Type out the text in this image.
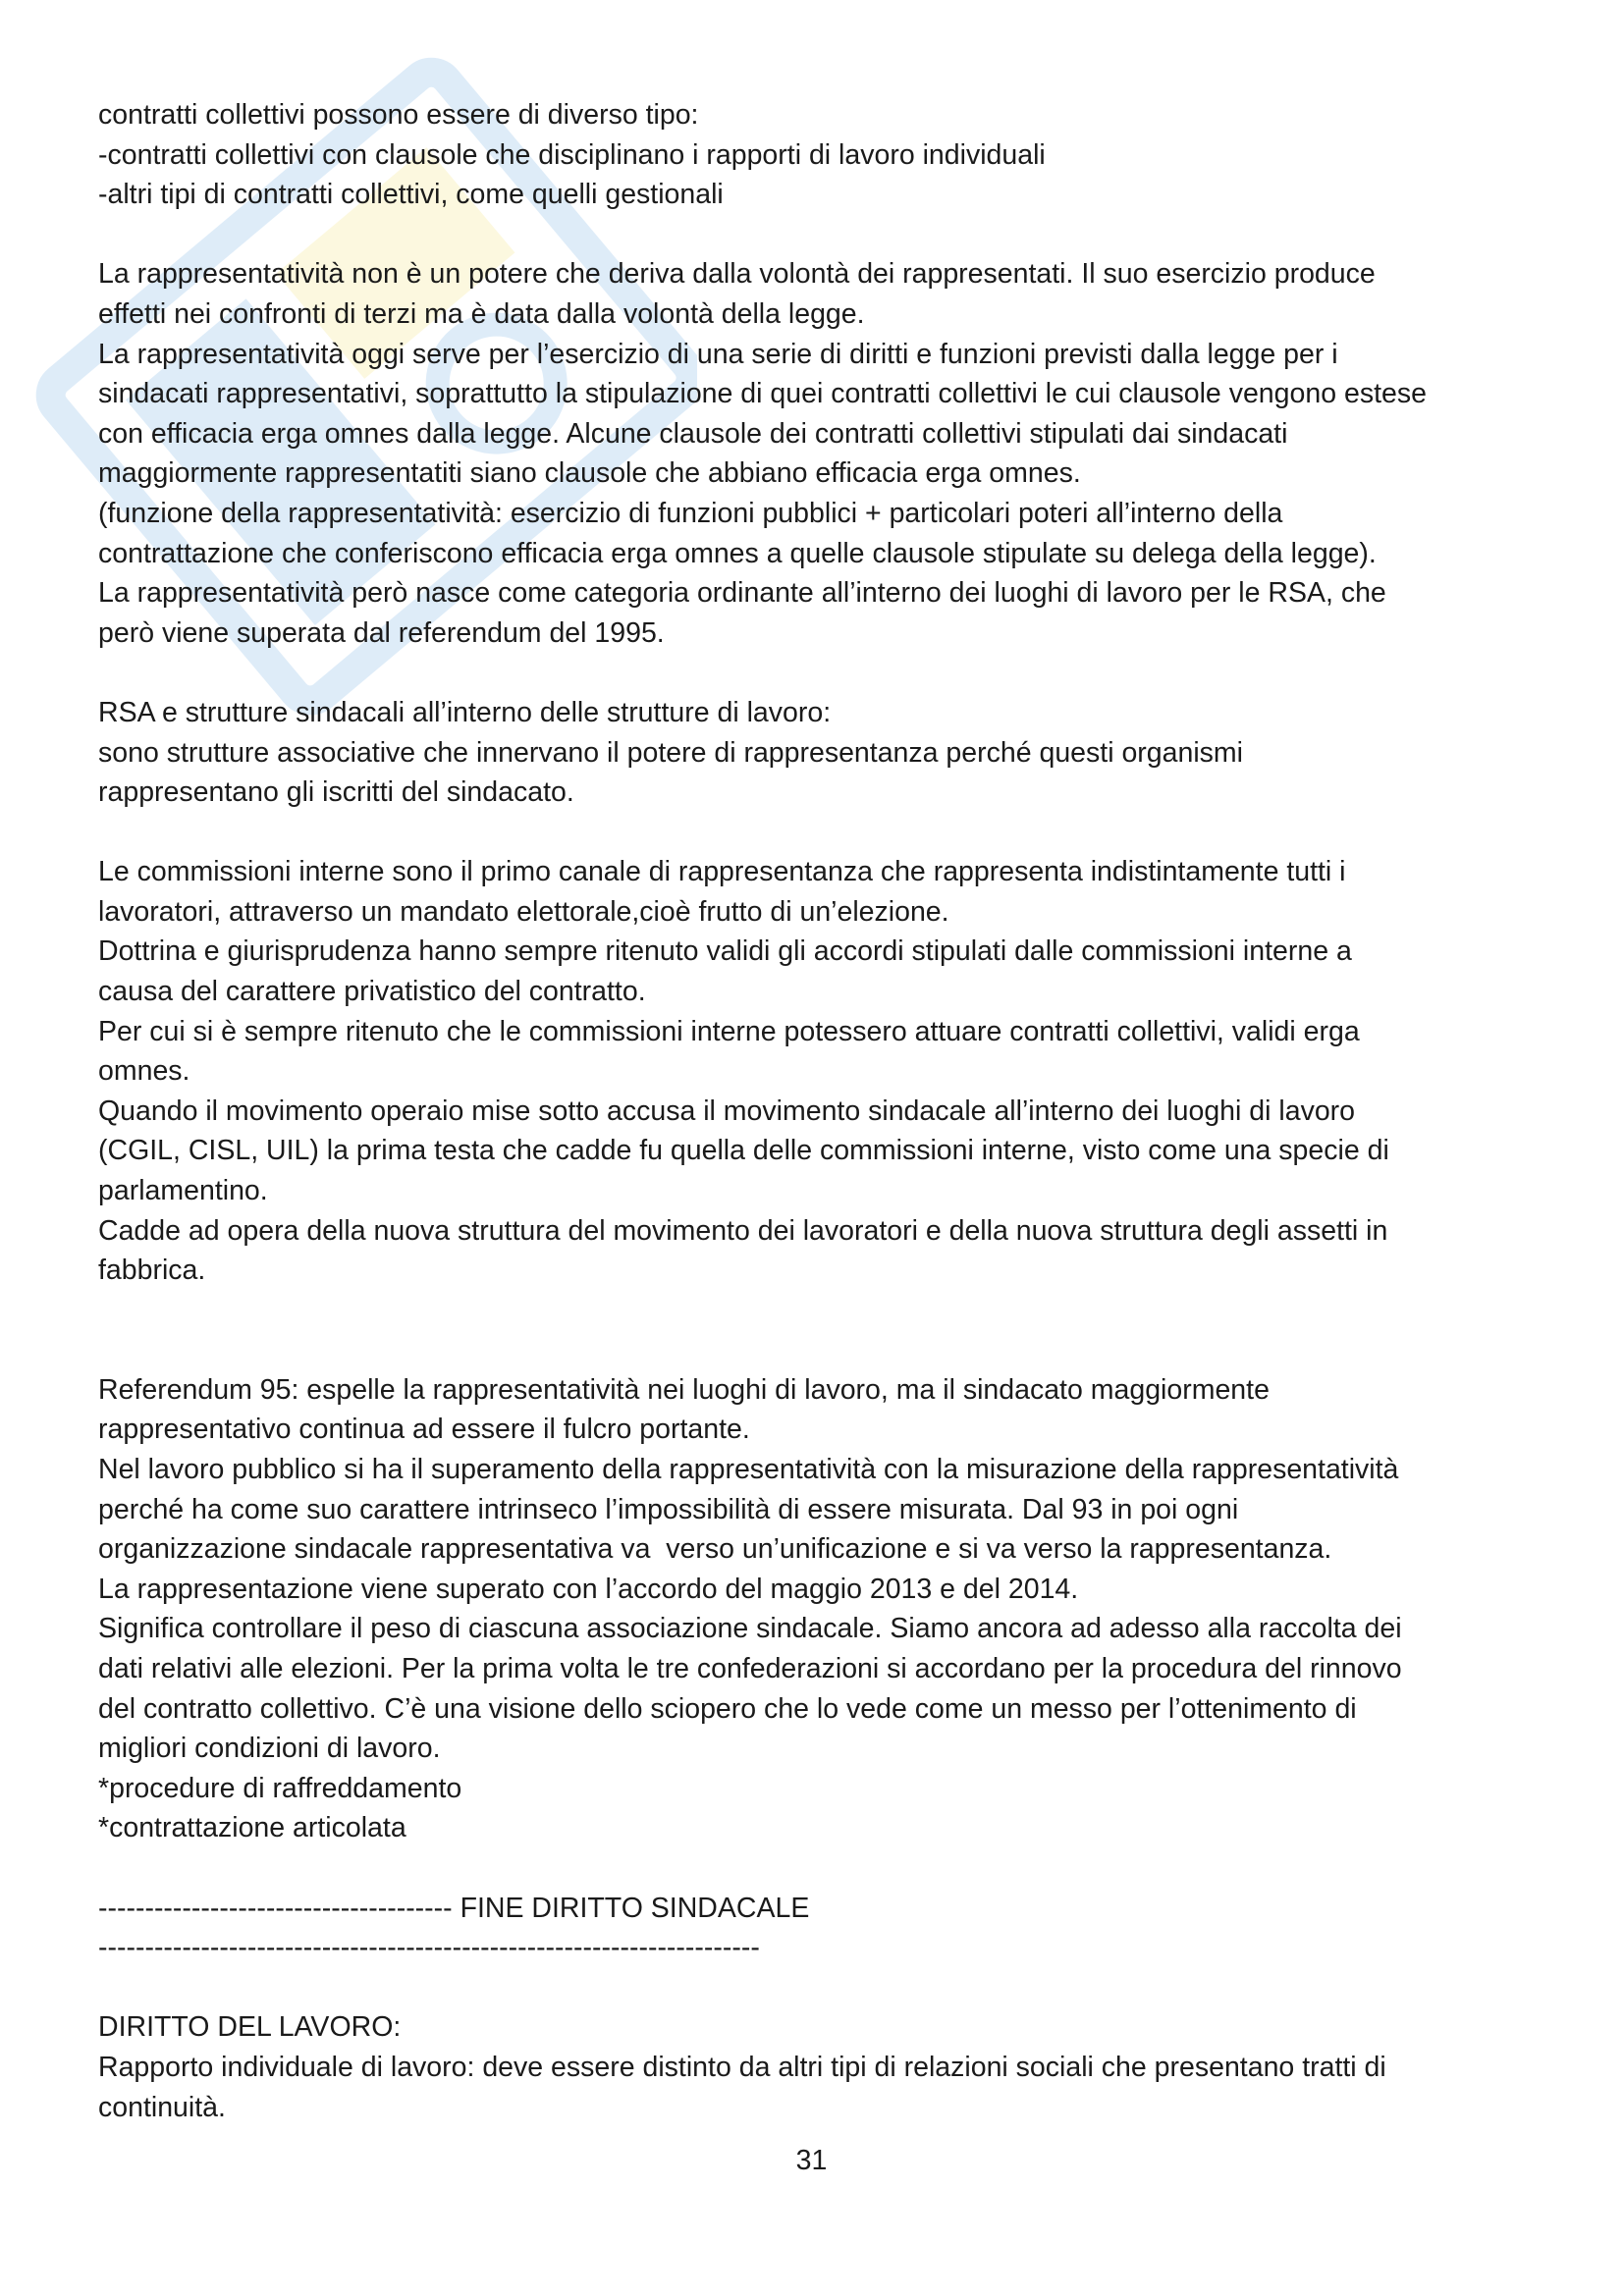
contratti collettivi possono essere di diverso tipo:
-contratti collettivi con clausole che disciplinano i rapporti di lavoro individuali
-altri tipi di contratti collettivi, come quelli gestionali

La rappresentatività non è un potere che deriva dalla volontà dei rappresentati. Il suo esercizio produce
effetti nei confronti di terzi ma è data dalla volontà della legge.
La rappresentatività oggi serve per l’esercizio di una serie di diritti e funzioni previsti dalla legge per i
sindacati rappresentativi, soprattutto la stipulazione di quei contratti collettivi le cui clausole vengono estese
con efficacia erga omnes dalla legge. Alcune clausole dei contratti collettivi stipulati dai sindacati
maggiormente rappresentatiti siano clausole che abbiano efficacia erga omnes.
(funzione della rappresentatività: esercizio di funzioni pubblici + particolari poteri all’interno della
contrattazione che conferiscono efficacia erga omnes a quelle clausole stipulate su delega della legge).
La rappresentatività però nasce come categoria ordinante all’interno dei luoghi di lavoro per le RSA, che
però viene superata dal referendum del 1995.

RSA e strutture sindacali all’interno delle strutture di lavoro:
sono strutture associative che innervano il potere di rappresentanza perché questi organismi
rappresentano gli iscritti del sindacato.

Le commissioni interne sono il primo canale di rappresentanza che rappresenta indistintamente tutti i
lavoratori, attraverso un mandato elettorale,cioè frutto di un’elezione.
Dottrina e giurisprudenza hanno sempre ritenuto validi gli accordi stipulati dalle commissioni interne a
causa del carattere privatistico del contratto.
Per cui si è sempre ritenuto che le commissioni interne potessero attuare contratti collettivi, validi erga
omnes.
Quando il movimento operaio mise sotto accusa il movimento sindacale all’interno dei luoghi di lavoro
(CGIL, CISL, UIL) la prima testa che cadde fu quella delle commissioni interne, visto come una specie di
parlamentino.
Cadde ad opera della nuova struttura del movimento dei lavoratori e della nuova struttura degli assetti in
fabbrica.

Referendum 95: espelle la rappresentatività nei luoghi di lavoro, ma il sindacato maggiormente
rappresentativo continua ad essere il fulcro portante.
Nel lavoro pubblico si ha il superamento della rappresentatività con la misurazione della rappresentatività
perché ha come suo carattere intrinseco l’impossibilità di essere misurata. Dal 93 in poi ogni
organizzazione sindacale rappresentativa va  verso un’unificazione e si va verso la rappresentanza.
La rappresentazione viene superato con l’accordo del maggio 2013 e del 2014.
Significa controllare il peso di ciascuna associazione sindacale. Siamo ancora ad adesso alla raccolta dei
dati relativi alle elezioni. Per la prima volta le tre confederazioni si accordano per la procedura del rinnovo
del contratto collettivo. C’è una visione dello sciopero che lo vede come un messo per l’ottenimento di
migliori condizioni di lavoro.
*procedure di raffreddamento
*contrattazione articolata

-------------------------------------- FINE DIRITTO SINDACALE
-----------------------------------------------------------------------

DIRITTO DEL LAVORO:
Rapporto individuale di lavoro: deve essere distinto da altri tipi di relazioni sociali che presentano tratti di
continuità.

31
